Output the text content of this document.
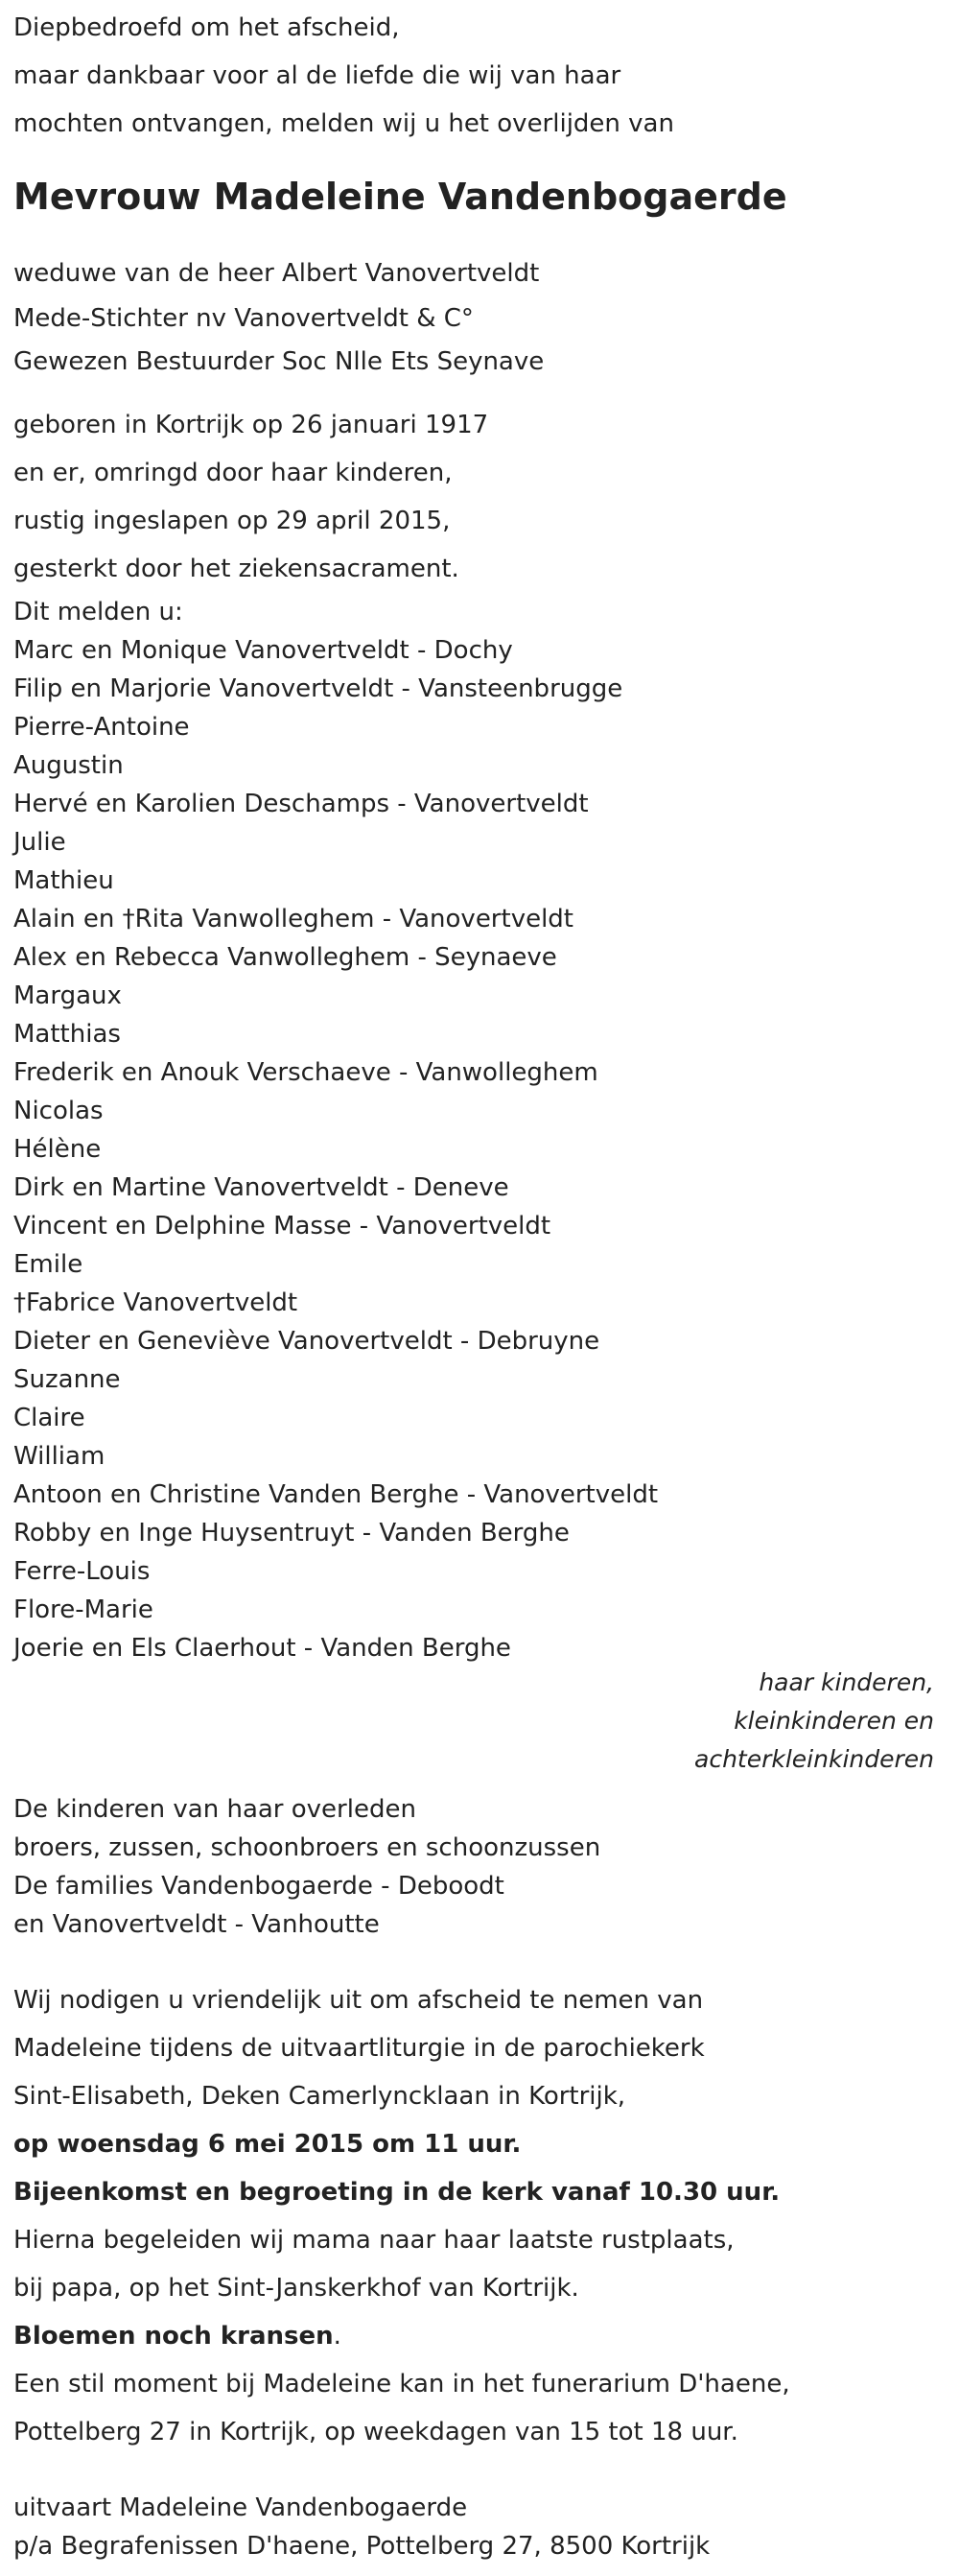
Diepbedroefd om het afscheid,
maar dankbaar voor al de liefde die wij van haar
mochten ontvangen, melden wij u het overlijden van
Mevrouw Madeleine Vandenbogaerde
weduwe van de heer Albert Vanovertveldt
Mede-Stichter nv Vanovertveldt & C°
Gewezen Bestuurder Soc Nlle Ets Seynave
geboren in Kortrijk op 26 januari 1917
en er, omringd door haar kinderen,
rustig ingeslapen op 29 april 2015,
gesterkt door het ziekensacrament.
Dit melden u:
Marc en Monique Vanovertveldt - Dochy
Filip en Marjorie Vanovertveldt - Vansteenbrugge
Pierre-Antoine
Augustin
Hervé en Karolien Deschamps - Vanovertveldt
Julie
Mathieu
Alain en †Rita Vanwolleghem - Vanovertveldt
Alex en Rebecca Vanwolleghem - Seynaeve
Margaux
Matthias
Frederik en Anouk Verschaeve - Vanwolleghem
Nicolas
Hélène
Dirk en Martine Vanovertveldt - Deneve
Vincent en Delphine Masse - Vanovertveldt
Emile
†Fabrice Vanovertveldt
Dieter en Geneviève Vanovertveldt - Debruyne
Suzanne
Claire
William
Antoon en Christine Vanden Berghe - Vanovertveldt
Robby en Inge Huysentruyt - Vanden Berghe
Ferre-Louis
Flore-Marie
Joerie en Els Claerhout - Vanden Berghe
haar kinderen,
kleinkinderen en
achterkleinkinderen
De kinderen van haar overleden
broers, zussen, schoonbroers en schoonzussen
De families Vandenbogaerde - Deboodt
en Vanovertveldt - Vanhoutte
Wij nodigen u vriendelijk uit om afscheid te nemen van
Madeleine tijdens de uitvaartliturgie in de parochiekerk
Sint-Elisabeth, Deken Camerlyncklaan in Kortrijk,
op woensdag 6 mei 2015 om 11 uur.
Bijeenkomst en begroeting in de kerk vanaf 10.30 uur.
Hierna begeleiden wij mama naar haar laatste rustplaats,
bij papa, op het Sint-Janskerkhof van Kortrijk.
Bloemen noch kransen.
Een stil moment bij Madeleine kan in het funerarium D'haene,
Pottelberg 27 in Kortrijk, op weekdagen van 15 tot 18 uur.
uitvaart Madeleine Vandenbogaerde
p/a Begrafenissen D'haene, Pottelberg 27, 8500 Kortrijk
